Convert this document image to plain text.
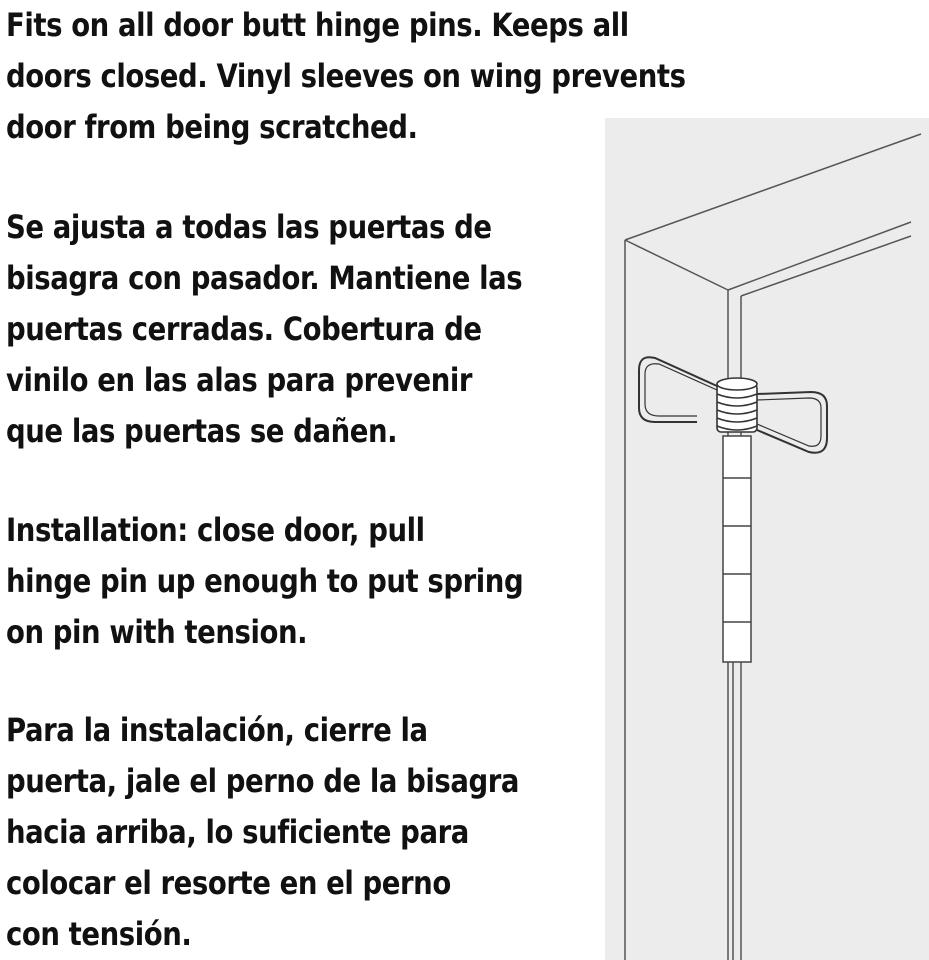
Fits on all door butt hinge pins. Keeps all
doors closed. Vinyl sleeves on wing prevents
door from being scratched.

Se ajusta a todas las puertas de
bisagra con pasador. Mantiene las
puertas cerradas. Cobertura de
vinilo en las alas para prevenir
que las puertas se dañen.

Installation: close door, pull
hinge pin up enough to put spring
on pin with tension.

Para la instalación, cierre la
puerta, jale el perno de la bisagra
hacia arriba, lo suficiente para
colocar el resorte en el perno
con tensión.
